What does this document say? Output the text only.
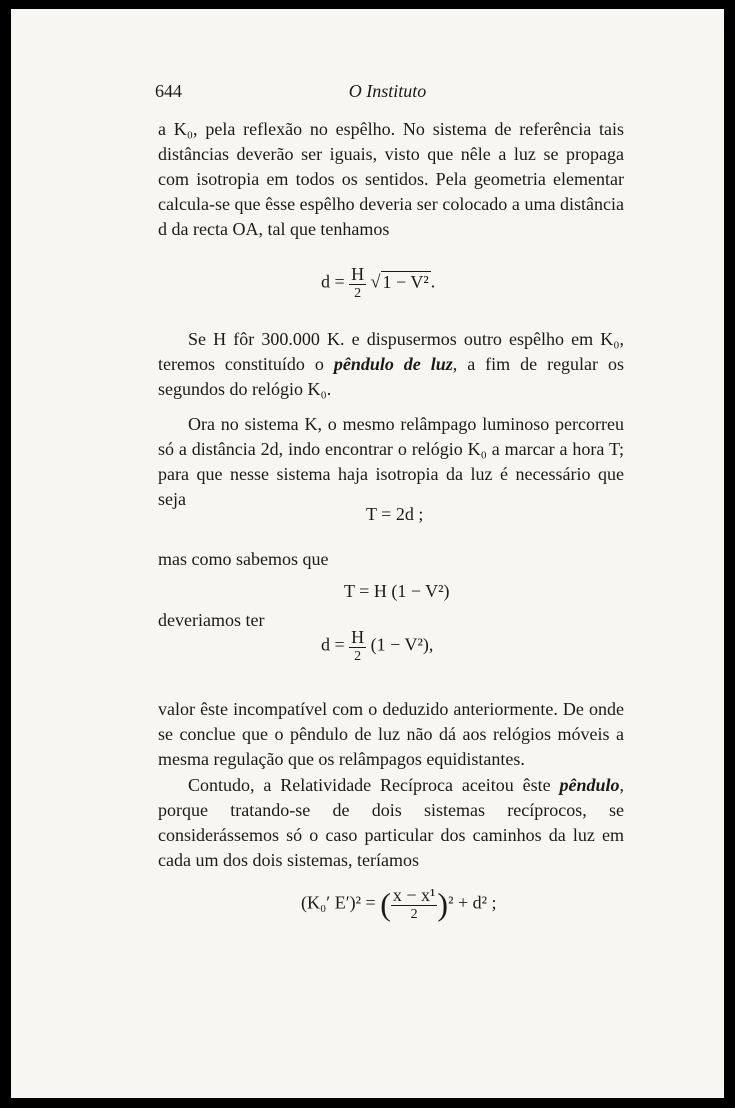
644	O Instituto

a K₀, pela reflexão no espêlho. No sistema de referência tais distâncias deverão ser iguais, visto que nêle a luz se propaga com isotropia em todos os sentidos. Pela geometria elementar calcula-se que êsse espêlho deveria ser colocado a uma distância d da recta OA, tal que tenhamos

$d = \frac{H}{2}$ √ 1 − V² .

Se H fôr 300.000 K. e dispusermos outro espêlho em K₀, teremos constituído o pêndulo de luz, a fim de regular os segundos do relógio K₀.

Ora no sistema K, o mesmo relâmpago luminoso percorreu só a distância 2d, indo encontrar o relógio K₀ a marcar a hora T; para que nesse sistema haja isotropia da luz é necessário que seja

T = 2d ;

mas como sabemos que

T = H (1 − V²)

deveriamos ter

$d = \frac{H}{2} (1 - V^2)$,

valor êste incompatível com o deduzido anteriormente. De onde se conclue que o pêndulo de luz não dá aos relógios móveis a mesma regulação que os relâmpagos equidistantes.

Contudo, a Relatividade Recíproca aceitou êste pêndulo, porque tratando-se de dois sistemas recíprocos, se considerássemos só o caso particular dos caminhos da luz em cada um dos dois sistemas, teríamos

(K₀′ E′)² = ( $\frac{\text{x − x¹}}{2} )^2 + d^2$ ;
